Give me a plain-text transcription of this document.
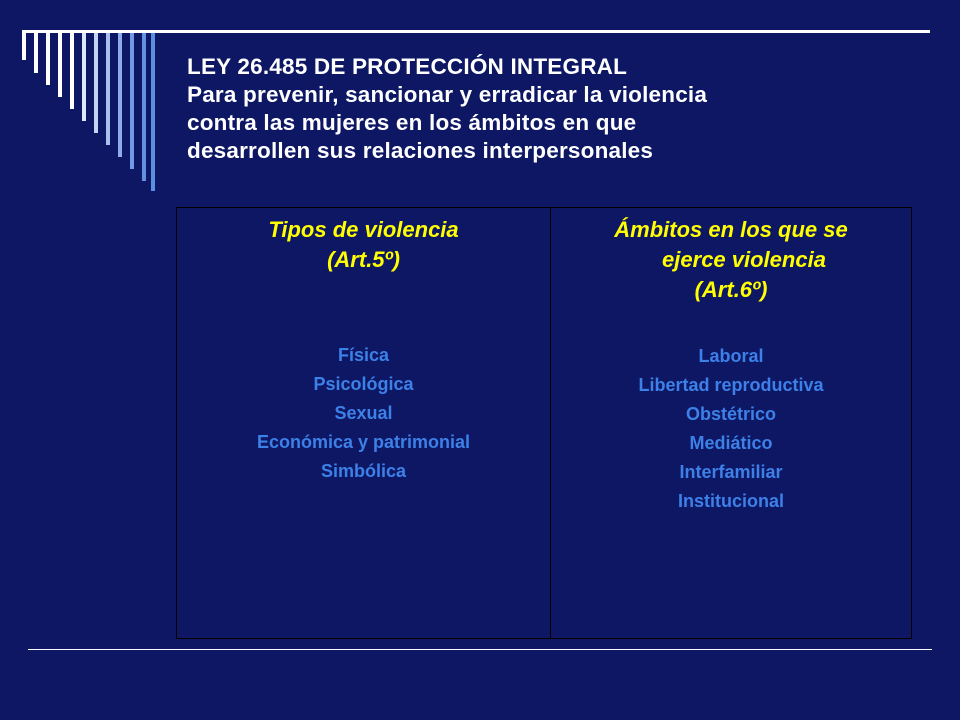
LEY 26.485 DE PROTECCIÓN INTEGRAL
Para prevenir, sancionar y erradicar la violencia
contra las mujeres en los ámbitos en que
desarrollen sus relaciones interpersonales
Tipos de violencia
(Art.5º)
Física
Psicológica
Sexual
Económica y patrimonial
Simbólica
Ámbitos en los que se
ejerce violencia
(Art.6º)
Laboral
Libertad reproductiva
Obstétrico
Mediático
Interfamiliar
Institucional
